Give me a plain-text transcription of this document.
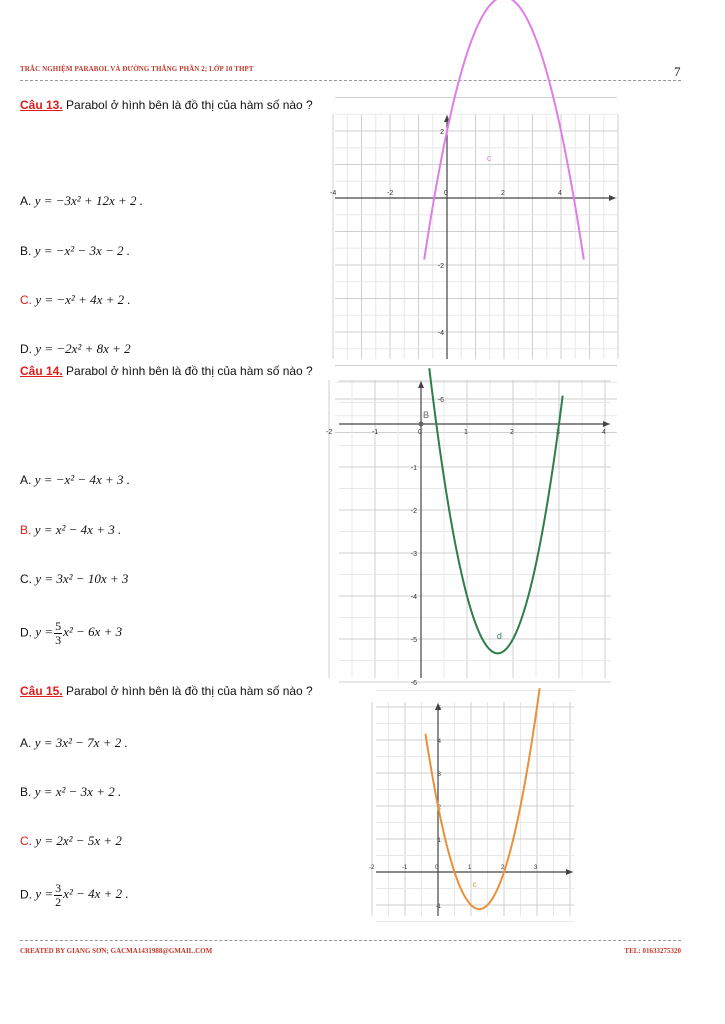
TRẮC NGHIỆM PARABOL VÀ ĐƯỜNG THẲNG PHẦN 2; LỚP 10 THPT	7
Câu 13. Parabol ở hình bên là đồ thị của hàm số nào ?
A. y = −3x² + 12x + 2 .
B. y = −x² − 3x − 2 .
C. y = −x² + 4x + 2 .
D. y = −2x² + 8x + 2
-4	-2	0	2	4
2
-2
-4
-6
c
Câu 14. Parabol ở hình bên là đồ thị của hàm số nào ?
A. y = −x² − 4x + 3 .
B. y = x² − 4x + 3 .
C. y = 3x² − 10x + 3
D. $y = \frac{5}{3} x^2 - 6x + 3$
-2	-1	0	1	2	3	4
-1
-2
-3
-4
-5
-6
d
B
Câu 15. Parabol ở hình bên là đồ thị của hàm số nào ?
A. y = 3x² − 7x + 2 .
B. y = x² − 3x + 2 .
C. y = 2x² − 5x + 2
D. $y = \frac{3}{2} x^2 - 4x + 2$ .
-2	-1	0	1	2	3
5
4
3
2
1
-1
c
CREATED BY GIANG SƠN; GACMA1431988@GMAIL.COM	TEL: 01633275320
